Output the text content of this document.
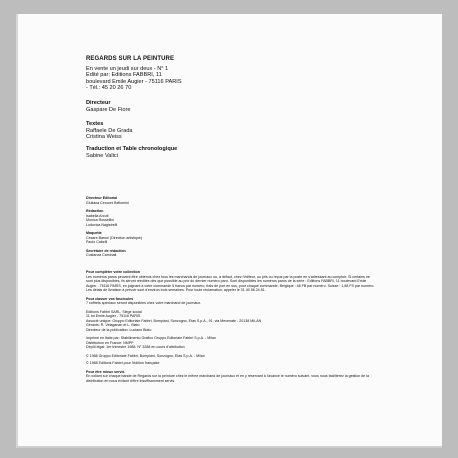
REGARDS SUR LA PEINTURE
En vente un jeudi sur deux - N° 1
Edité par: Editions FABBRI, 11
boulevard Emile Augier - 75116 PARIS
- Tél.: 45 20 26 70
Directeur
Gaspare De Fiore
Textes
Raffaele De Grada
Cristina Weiss
Traduction et Table chronologique
Sabine Valici
Directeur Editorial
Giuliana Cecconi Bellomini
Rédaction
Isabella Arcuti
Monica Rossellini
Lodovica Nagistrelli
Maquette
Cesare Baroni (Direction artistique)
Paolo Cabelli
Secrétaire de rédaction
Costanza Caminati
Pour compléter votre collection
Les numéros parus peuvent être obtenus chez tous les marchands de journaux ou, à défaut, chez l'éditeur, ou pris ou reçus par la poste en s'adressant au comptoir. Si certains ne sont plus disponibles, ils seront réédités dès que possible au prix du dernier numéro paru. Sont disponibles les numéros parus de la série : Editions FABBRI, 11 boulevard Emile Augier - 75116 PARIS, en joignant à votre commande 5 francs par numéro, frais de port en sus, pour chaque commande. Belgique : 48 FB par numéro. Suisse : 1,88 FS par numéro. Les délais de livraison à prévoir sont d'environ trois semaines. Pour toute réclamation, appeler le 01 40 56 24 81.
Pour classer vos fascicules
7 coffrets spéciaux seront disponibles chez votre marchand de journaux.
Editions Fabbri SARL. Siège social
11 bd Emile Augier - 75116 PARIS
Associé unique: Gruppo Editoriale Fabbri, Bompiani, Sonzogno, Etas S.p.A., 91, via Mecenate - 20138 MILAN
Gérants: R. Velaganan et L. Biato
Directeur de la publication: Luciano Biato
Imprimé en Italie par: Stabilimento Grafico Gruppo Editoriale Fabbri S.p.A. - Milan
Distribution en France: NMPP
Dépôt légal: 1er trimestre 1988. N° 3288 en cours d'attribution
© 1988 Gruppo Editoriale Fabbri, Bompiani, Sonzogno, Etas S.p.A. - Milan
© 1988 Editions Fabbri pour l'édition française
Pour être mieux servis
En collant sur chaque bande de Regards sur la peinture chez le même marchand de journaux et en y réservant à l'avance le numéro suivant, vous nous faciliterez la gestion de la distribution en nous évitant d'être insuffisamment servis.
